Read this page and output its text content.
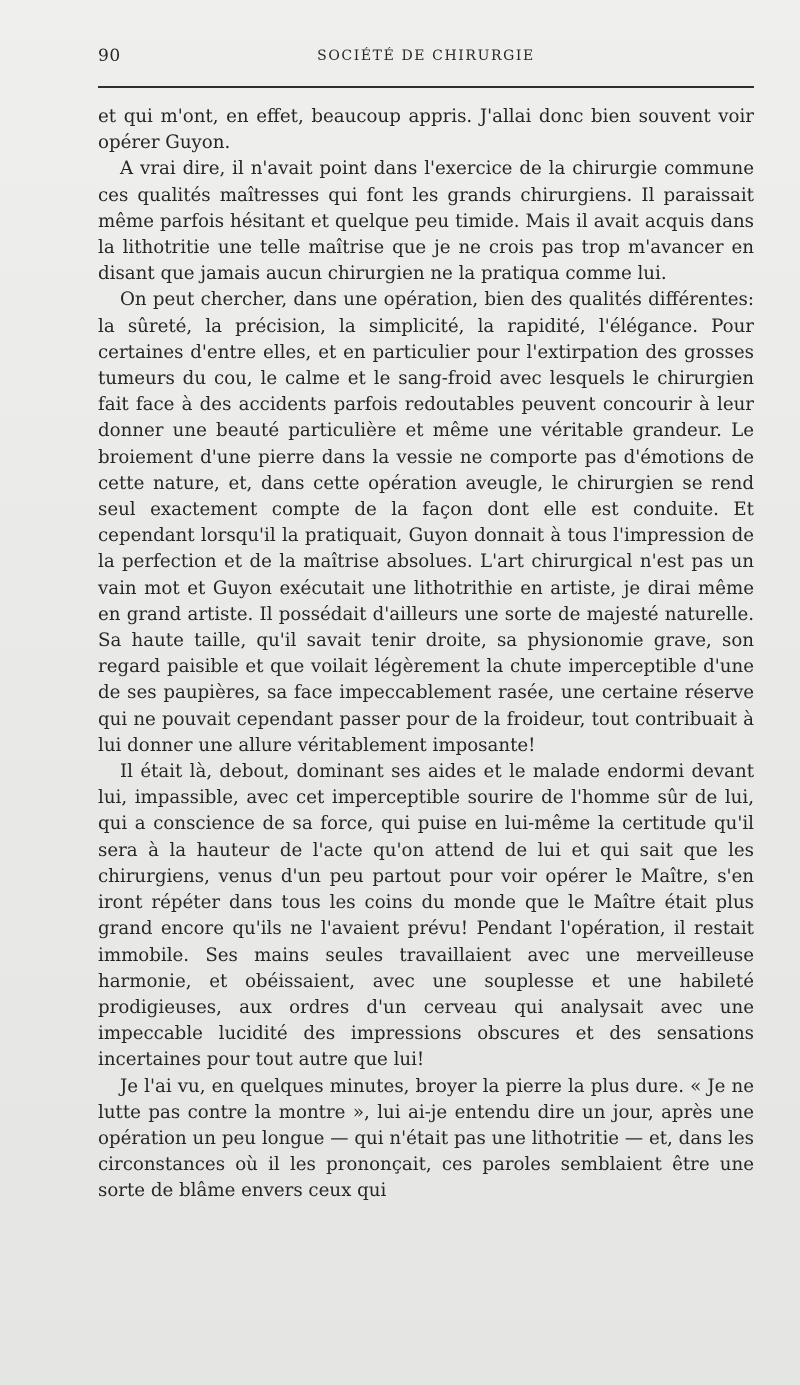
90	SOCIÉTÉ DE CHIRURGIE

et qui m'ont, en effet, beaucoup appris. J'allai donc bien souvent voir opérer Guyon.

A vrai dire, il n'avait point dans l'exercice de la chirurgie commune ces qualités maîtresses qui font les grands chirurgiens. Il paraissait même parfois hésitant et quelque peu timide. Mais il avait acquis dans la lithotritie une telle maîtrise que je ne crois pas trop m'avancer en disant que jamais aucun chirurgien ne la pratiqua comme lui.

On peut chercher, dans une opération, bien des qualités différentes: la sûreté, la précision, la simplicité, la rapidité, l'élégance. Pour certaines d'entre elles, et en particulier pour l'extirpation des grosses tumeurs du cou, le calme et le sang-froid avec lesquels le chirurgien fait face à des accidents parfois redoutables peuvent concourir à leur donner une beauté particulière et même une véritable grandeur. Le broiement d'une pierre dans la vessie ne comporte pas d'émotions de cette nature, et, dans cette opération aveugle, le chirurgien se rend seul exactement compte de la façon dont elle est conduite. Et cependant lorsqu'il la pratiquait, Guyon donnait à tous l'impression de la perfection et de la maîtrise absolues. L'art chirurgical n'est pas un vain mot et Guyon exécutait une lithotrithie en artiste, je dirai même en grand artiste. Il possédait d'ailleurs une sorte de majesté naturelle. Sa haute taille, qu'il savait tenir droite, sa physionomie grave, son regard paisible et que voilait légèrement la chute imperceptible d'une de ses paupières, sa face impeccablement rasée, une certaine réserve qui ne pouvait cependant passer pour de la froideur, tout contribuait à lui donner une allure véritablement imposante!

Il était là, debout, dominant ses aides et le malade endormi devant lui, impassible, avec cet imperceptible sourire de l'homme sûr de lui, qui a conscience de sa force, qui puise en lui-même la certitude qu'il sera à la hauteur de l'acte qu'on attend de lui et qui sait que les chirurgiens, venus d'un peu partout pour voir opérer le Maître, s'en iront répéter dans tous les coins du monde que le Maître était plus grand encore qu'ils ne l'avaient prévu! Pendant l'opération, il restait immobile. Ses mains seules travaillaient avec une merveilleuse harmonie, et obéissaient, avec une souplesse et une habileté prodigieuses, aux ordres d'un cerveau qui analysait avec une impeccable lucidité des impressions obscures et des sensations incertaines pour tout autre que lui!

Je l'ai vu, en quelques minutes, broyer la pierre la plus dure. « Je ne lutte pas contre la montre », lui ai-je entendu dire un jour, après une opération un peu longue — qui n'était pas une lithotritie — et, dans les circonstances où il les prononçait, ces paroles semblaient être une sorte de blâme envers ceux qui
